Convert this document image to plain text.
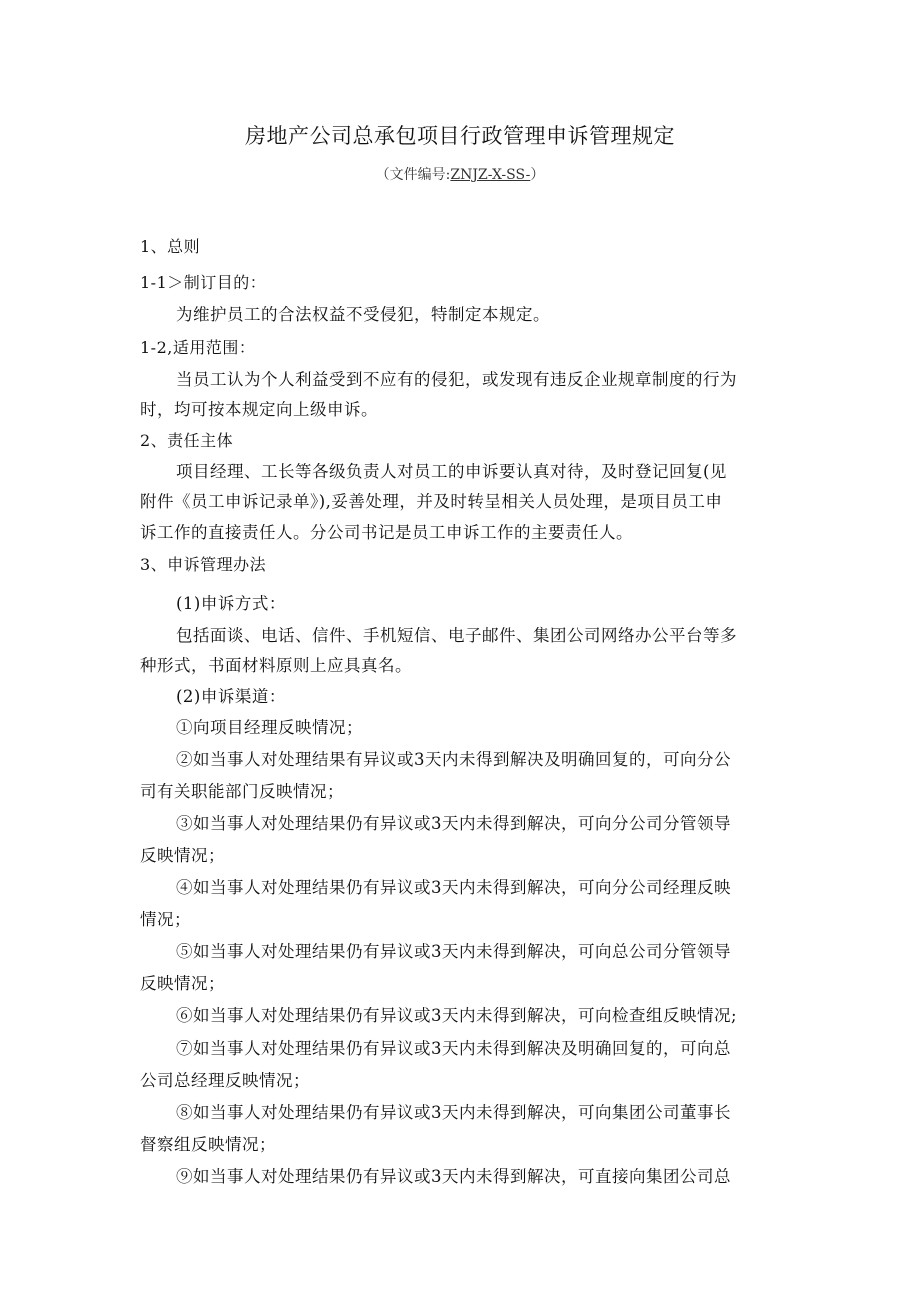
房地产公司总承包项目行政管理申诉管理规定
（文件编号:ZNJZ-X-SS-）
1、总则
1-1＞制订目的：
为维护员工的合法权益不受侵犯，特制定本规定。
1-2,适用范围：
当员工认为个人利益受到不应有的侵犯，或发现有违反企业规章制度的行为
时，均可按本规定向上级申诉。
2、责任主体
项目经理、工长等各级负责人对员工的申诉要认真对待，及时登记回复(见
附件《员工申诉记录单》),妥善处理，并及时转呈相关人员处理，是项目员工申
诉工作的直接责任人。分公司书记是员工申诉工作的主要责任人。
3、申诉管理办法
(1)申诉方式：
包括面谈、电话、信件、手机短信、电子邮件、集团公司网络办公平台等多
种形式，书面材料原则上应具真名。
(2)申诉渠道：
①向项目经理反映情况；
②如当事人对处理结果有异议或3天内未得到解决及明确回复的，可向分公
司有关职能部门反映情况；
③如当事人对处理结果仍有异议或3天内未得到解决，可向分公司分管领导
反映情况；
④如当事人对处理结果仍有异议或3天内未得到解决，可向分公司经理反映
情况；
⑤如当事人对处理结果仍有异议或3天内未得到解决，可向总公司分管领导
反映情况；
⑥如当事人对处理结果仍有异议或3天内未得到解决，可向检查组反映情况;
⑦如当事人对处理结果仍有异议或3天内未得到解决及明确回复的，可向总
公司总经理反映情况；
⑧如当事人对处理结果仍有异议或3天内未得到解决，可向集团公司董事长
督察组反映情况；
⑨如当事人对处理结果仍有异议或3天内未得到解决，可直接向集团公司总
